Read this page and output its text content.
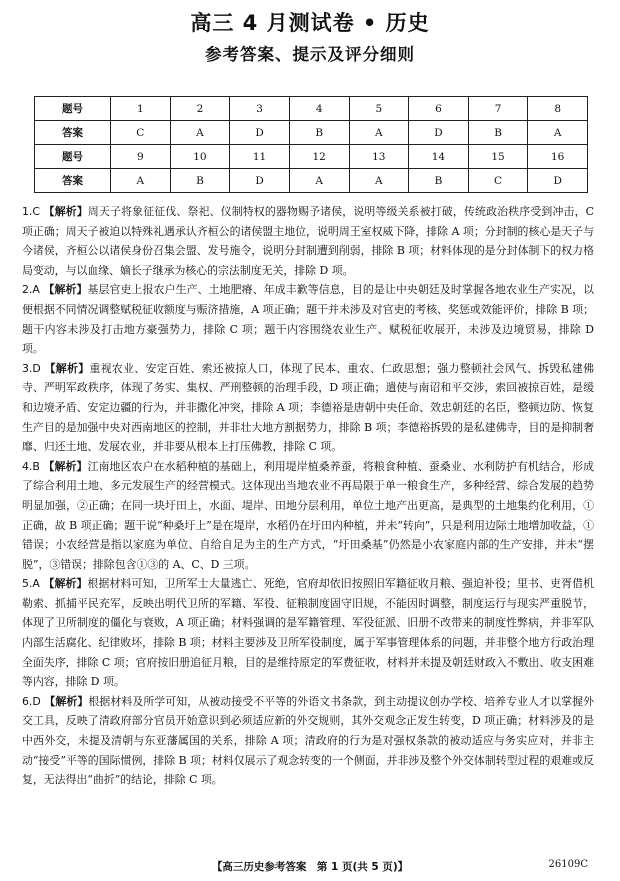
高三 4 月测试卷 • 历史
参考答案、提示及评分细则
题号	1	2	3	4	5	6	7	8
答案	C	A	D	B	A	D	B	A
题号	9	10	11	12	13	14	15	16
答案	A	B	D	A	A	B	C	D

1.C 【解析】周天子将象征征伐、祭祀、仪制特权的器物赐予诸侯，说明等级关系被打破，传统政治秩序受到冲击，C项正确；周天子被迫以特殊礼遇承认齐桓公的诸侯盟主地位，说明周王室权威下降，排除 A 项；分封制的核心是天子与今诸侯，齐桓公以诸侯身份召集会盟、发号施令，说明分封制遭到削弱，排除 B 项；材料体现的是分封体制下的权力格局变动，与以血缘、嫡长子继承为核心的宗法制度无关，排除 D 项。

2.A 【解析】基层官吏上报农户生产、土地肥瘠、年成丰歉等信息，目的是让中央朝廷及时掌握各地农业生产实况，以便根据不同情况调整赋税征收额度与赈济措施，A 项正确；题干并未涉及对官吏的考核、奖惩或效能评价，排除 B 项；题干内容未涉及打击地方豪强势力，排除 C 项；题干内容围绕农业生产、赋税征收展开，未涉及边境贸易，排除 D 项。

3.D 【解析】重视农业、安定百姓、索还被掠人口，体现了民本、重农、仁政思想；强力整顿社会风气、拆毁私建佛寺、严明军政秩序，体现了务实、集权、严刑整顿的治理手段，D 项正确；遣使与南诏和平交涉，索回被掠百姓，是缓和边境矛盾、安定边疆的行为，并非撒化冲突，排除 A 项；李德裕是唐朝中央任命、效忠朝廷的名臣，整顿边防、恢复生产目的是加强中央对西南地区的控制，并非壮大地方割据势力，排除 B 项；李德裕拆毁的是私建佛寺，目的是抑制奢靡、归还土地、发展农业，并非要从根本上打压佛教，排除 C 项。

4.B 【解析】江南地区农户在水稻种植的基础上，利用堤岸植桑养蚕，将粮食种植、蚕桑业、水利防护有机结合，形成了综合利用土地、多元发展生产的经营模式。这体现出当地农业不再局限于单一粮食生产，多种经营、综合发展的趋势明显加强，②正确；在同一块圩田上，水面、堤岸、田地分层利用，单位土地产出更高，是典型的土地集约化利用，①正确，故 B 项正确；题干说“种桑圩上”是在堤岸，水稻仍在圩田内种植，并未“转向”，只是利用边际土地增加收益，①错误；小农经营是指以家庭为单位、自给自足为主的生产方式，“圩田桑基”仍然是小农家庭内部的生产安排，并未“摆脱”，③错误；排除包含①③的 A、C、D 三项。

5.A 【解析】根据材料可知，卫所军士大量逃亡、死绝，官府却依旧按照旧军籍征收月粮、强迫补役；里书、吏胥借机勒索、抓捕平民充军，反映出明代卫所的军籍、军役、征粮制度固守旧规，不能因时调整，制度运行与现实严重脱节，体现了卫所制度的僵化与衰败，A 项正确；材料强调的是军籍管理、军役征派、旧册不改带来的制度性弊病，并非军队内部生活腐化、纪律败坏，排除 B 项；材料主要涉及卫所军役制度，属于军事管理体系的问题，并非整个地方行政治理全面失序，排除 C 项；官府按旧册追征月粮，目的是维持原定的军费征收，材料并未提及朝廷财政入不敷出、收支困难等内容，排除 D 项。

6.D 【解析】根据材料及所学可知，从被动接受不平等的外语文书条款，到主动提议创办学校、培养专业人才以掌握外交工具，反映了清政府部分官员开始意识到必须适应新的外交规则，其外交观念正发生转变，D 项正确；材料涉及的是中西外交，未提及清朝与东亚藩属国的关系，排除 A 项；清政府的行为是对强权条款的被动适应与务实应对，并非主动“接受”平等的国际惯例，排除 B 项；材料仅展示了观念转变的一个侧面，并非涉及整个外交体制转型过程的艰难或反复，无法得出“曲折”的结论，排除 C 项。

【高三历史参考答案　第 1 页(共 5 页)】	26109C
